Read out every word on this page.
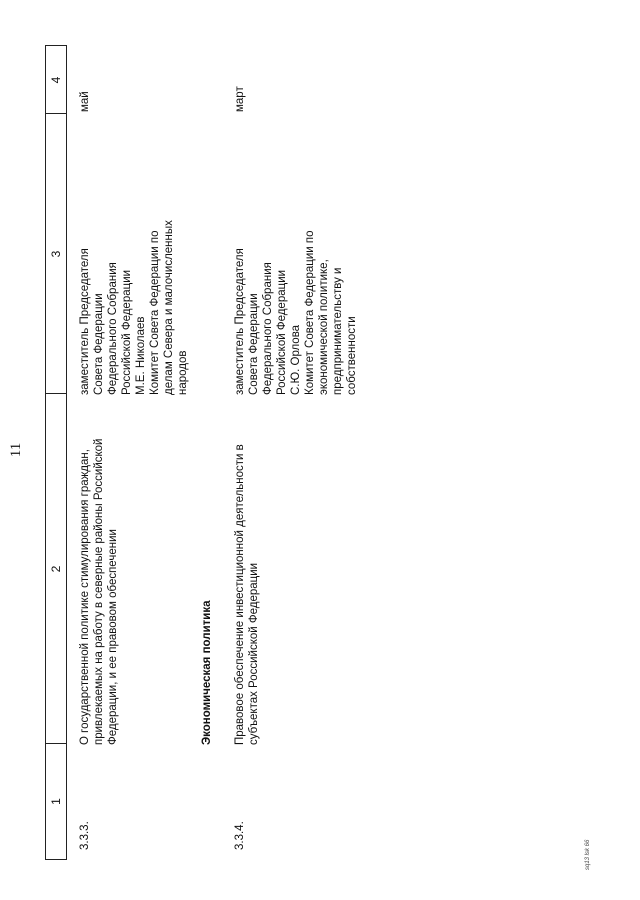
11
1
2
3
4
3.3.3.
О государственной политике стимулирования граждан, привлекаемых на работу в северные районы Российской Федерации, и ее правовом обеспечении
заместитель Председателя
Совета Федерации
Федерального Собрания
Российской Федерации
М.Е. Николаев
Комитет Совета Федерации по
делам Севера и малочисленных
народов
май
Экономическая политика
3.3.4.
Правовое обеспечение инвестиционной деятельности в субъектах Российской Федерации
заместитель Председателя
Совета Федерации
Федерального Собрания
Российской Федерации
С.Ю. Орлова
Комитет Совета Федерации по
экономической политике,
предпринимательству и
собственности
март
sq13 lsk 66
